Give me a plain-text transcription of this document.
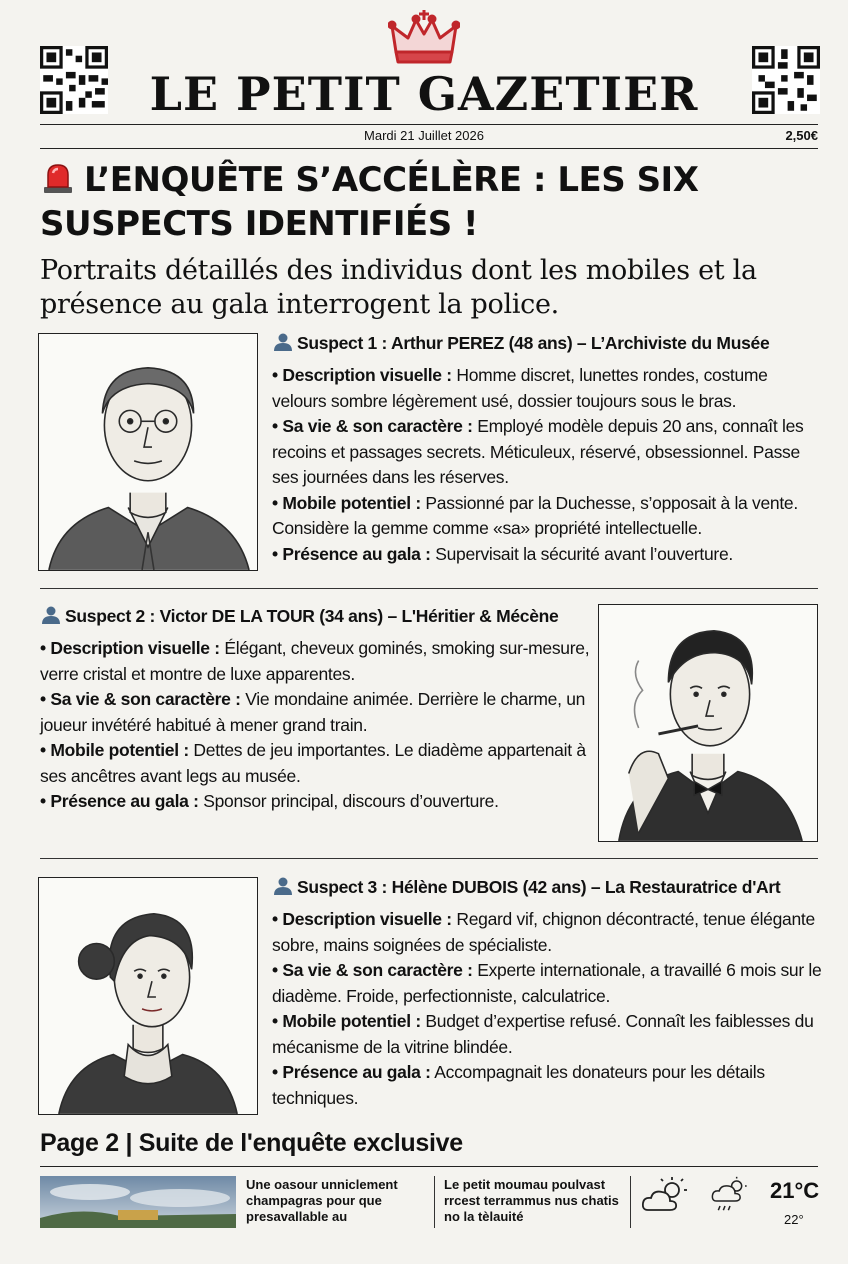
LE PETIT GAZETIER
Mardi 21 Juillet 2026	2,50€
L’ENQUÊTE S’ACCÉLÈRE : LES SIX
SUSPECTS IDENTIFIÉS !
Portraits détaillés des individus dont les mobiles et la
présence au gala interrogent la police.
Suspect 1 : Arthur PEREZ (48 ans) – L’Archiviste du Musée

• Description visuelle : Homme discret, lunettes rondes, costume velours sombre légèrement usé, dossier toujours sous le bras.

• Sa vie & son caractère : Employé modèle depuis 20 ans, connaît les recoins et passages secrets. Méticuleux, réservé, obsessionnel. Passe ses journées dans les réserves.

• Mobile potentiel : Passionné par la Duchesse, s’opposait à la vente. Considère la gemme comme «sa» propriété intellectuelle.

• Présence au gala : Supervisait la sécurité avant l’ouverture.

Suspect 2 : Victor DE LA TOUR (34 ans) – L'Héritier & Mécène

• Description visuelle : Élégant, cheveux gominés, smoking sur-mesure, verre cristal et montre de luxe apparentes.

• Sa vie & son caractère : Vie mondaine animée. Derrière le charme, un joueur invétéré habitué à mener grand train.

• Mobile potentiel : Dettes de jeu importantes. Le diadème appartenait à ses ancêtres avant legs au musée.

• Présence au gala : Sponsor principal, discours d’ouverture.

Suspect 3 : Hélène DUBOIS (42 ans) – La Restauratrice d'Art

• Description visuelle : Regard vif, chignon décontracté, tenue élégante sobre, mains soignées de spécialiste.

• Sa vie & son caractère : Experte internationale, a travaillé 6 mois sur le diadème. Froide, perfectionniste, calculatrice.

• Mobile potentiel : Budget d’expertise refusé. Connaît les faiblesses du mécanisme de la vitrine blindée.

• Présence au gala : Accompagnait les donateurs pour les détails techniques.

Page 2 | Suite de l'enquête exclusive
Une oasour unniclement champagras pour que presavallable au
Le petit moumau poulvast rrcest terrammus nus chatis no la tèlauité
21°C
22°
